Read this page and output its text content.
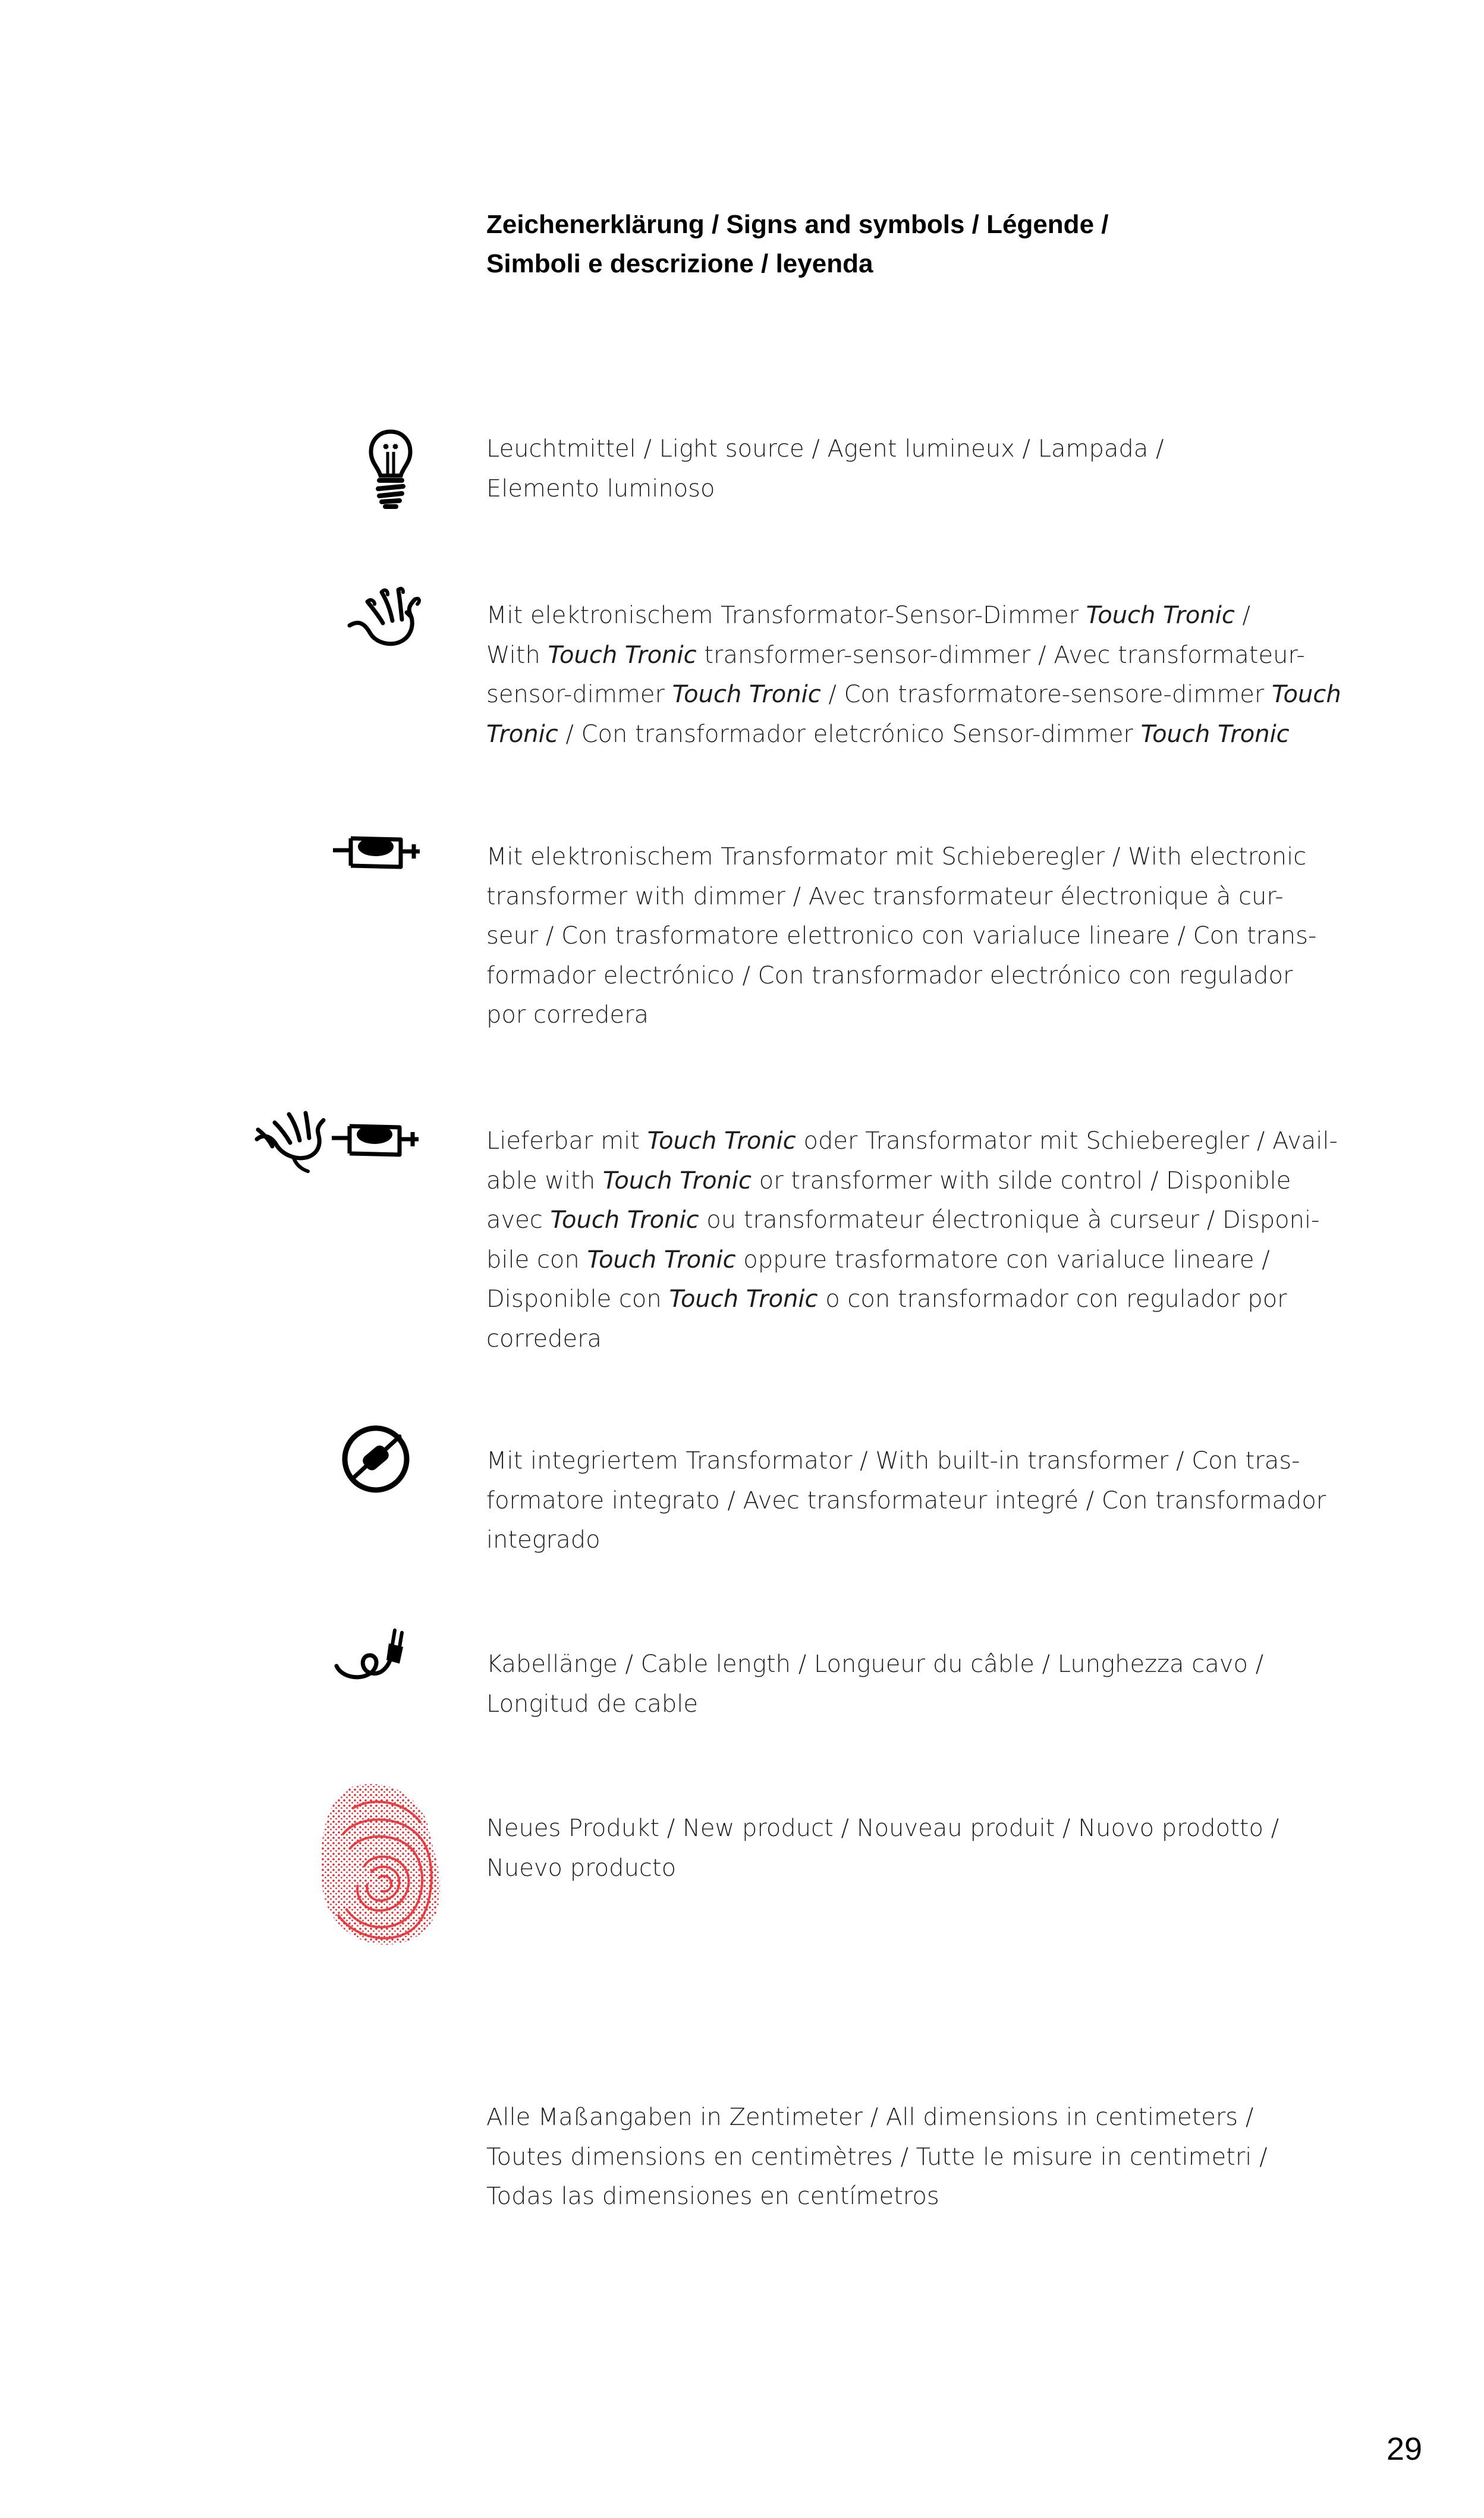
Zeichenerklärung / Signs and symbols / Légende /
Simboli e descrizione / leyenda
Leuchtmittel / Light source / Agent lumineux / Lampada /
Elemento luminoso
Mit elektronischem Transformator-Sensor-Dimmer Touch Tronic /
With Touch Tronic transformer-sensor-dimmer / Avec transformateur-
sensor-dimmer Touch Tronic / Con trasformatore-sensore-dimmer Touch
Tronic / Con transformador eletcrónico Sensor-dimmer Touch Tronic
Mit elektronischem Transformator mit Schieberegler / With electronic
transformer with dimmer / Avec transformateur électronique à cur-
seur / Con trasformatore elettronico con varialuce lineare / Con trans-
formador electrónico / Con transformador electrónico con regulador
por corredera
Lieferbar mit Touch Tronic oder Transformator mit Schieberegler / Avail-
able with Touch Tronic or transformer with silde control / Disponible
avec Touch Tronic ou transformateur électronique à curseur / Disponi-
bile con Touch Tronic oppure trasformatore con varialuce lineare /
Disponible con Touch Tronic o con transformador con regulador por
corredera
Mit integriertem Transformator / With built-in transformer / Con tras-
formatore integrato / Avec transformateur integré / Con transformador
integrado
Kabellänge / Cable length / Longueur du câble / Lunghezza cavo /
Longitud de cable
Neues Produkt / New product / Nouveau produit / Nuovo prodotto /
Nuevo producto
Alle Maßangaben in Zentimeter / All dimensions in centimeters /
Toutes dimensions en centimètres / Tutte le misure in centimetri /
Todas las dimensiones en centímetros
29
